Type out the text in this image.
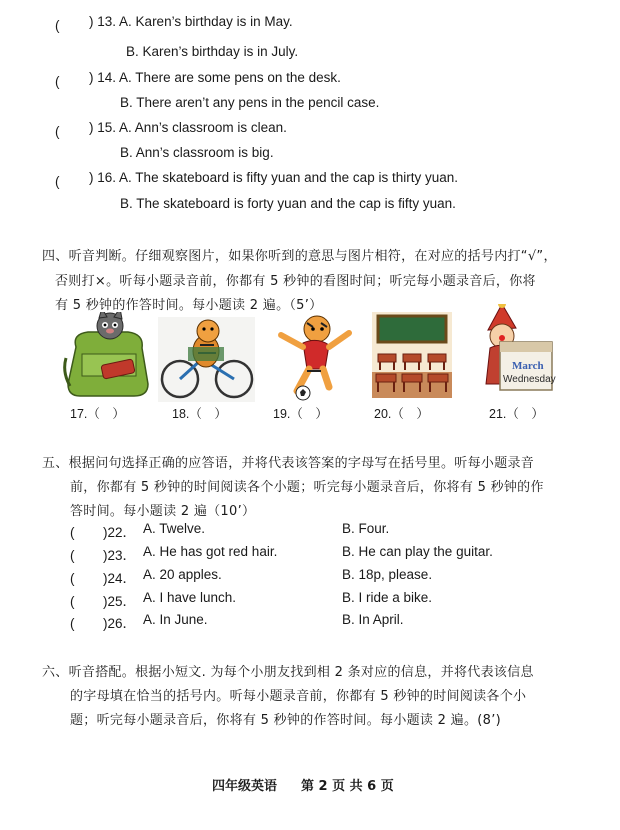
(　　 ) 13. A. Karen’s birthday is in May.
B. Karen’s birthday is in July.
(　　 ) 14. A. There are some pens on the desk.
B. There aren’t any pens in the pencil case.
(　　 ) 15. A. Ann’s classroom is clean.
B. Ann’s classroom is big.
(　　 ) 16. A. The skateboard is fifty yuan and the cap is thirty yuan.
B. The skateboard is forty yuan and the cap is fifty yuan.
四、听音判断。仔细观察图片，如果你听到的意思与图片相符，在对应的括号内打“√”，
否则打×。听每小题录音前，你都有 5 秒钟的看图时间；听完每小题录音后，你将
有 5 秒钟的作答时间。每小题读 2 遍。（5’）
March
Wednesday
17.（　）	18.（　）	19.（　）	20.（　）	21.（　）
五、根据问句选择正确的应答语，并将代表该答案的字母写在括号里。听每小题录音
前，你都有 5 秒钟的时间阅读各个小题；听完每小题录音后，你将有 5 秒钟的作
答时间。每小题读 2 遍（10’）
(　　 )22． A. Twelve.	B. Four.
(　　 )23． A. He has got red hair.	B. He can play the guitar.
(　　 )24． A. 20 apples.	B. 18p, please.
(　　 )25． A. I have lunch.	B. I ride a bike.
(　　 )26． A. In June.	B. In April.
六、听音搭配。根据小短文. 为每个小朋友找到相 2 条对应的信息，并将代表该信息
的字母填在恰当的括号内。听每小题录音前，你都有 5 秒钟的时间阅读各个小
题；听完每小题录音后，你将有 5 秒钟的作答时间。每小题读 2 遍。(8’)
四年级英语 第 2 页 共 6 页
